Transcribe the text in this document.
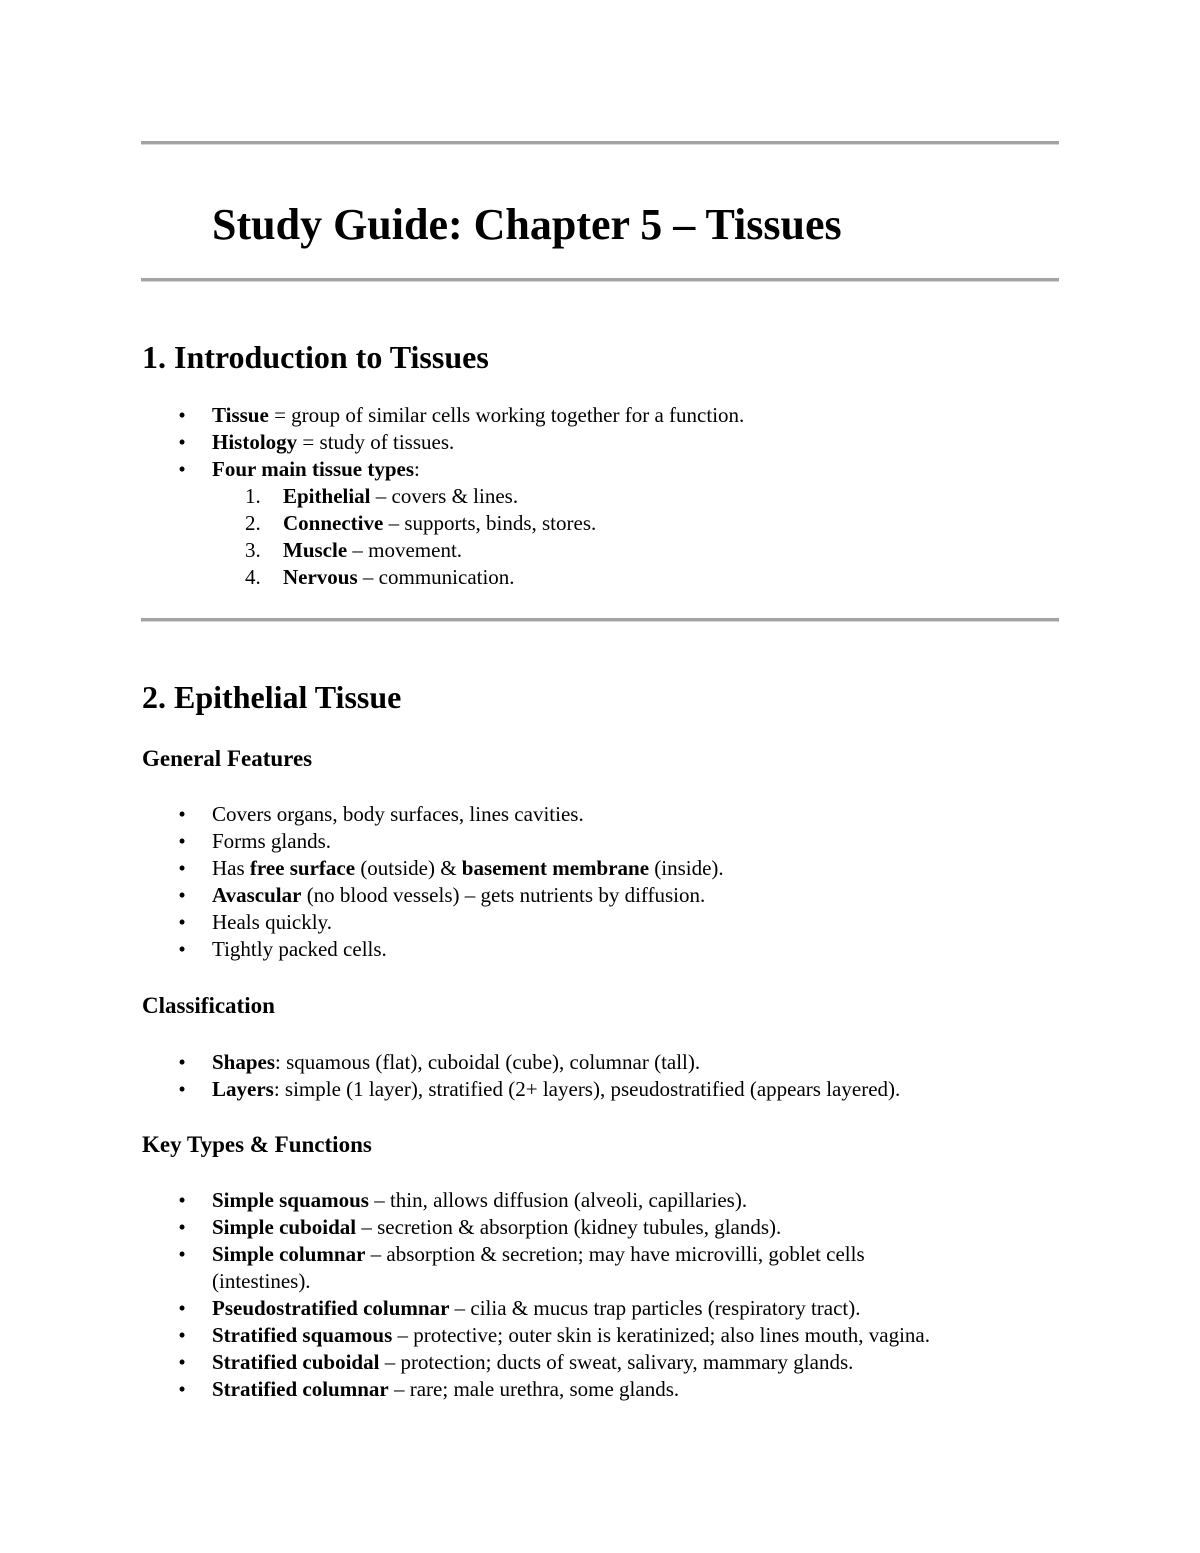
Study Guide: Chapter 5 – Tissues
1. Introduction to Tissues
•	Tissue = group of similar cells working together for a function.
•	Histology = study of tissues.
•	Four main tissue types:
1.	Epithelial – covers & lines.
2.	Connective – supports, binds, stores.
3.	Muscle – movement.
4.	Nervous – communication.
2. Epithelial Tissue
General Features
•	Covers organs, body surfaces, lines cavities.
•	Forms glands.
•	Has free surface (outside) & basement membrane (inside).
•	Avascular (no blood vessels) – gets nutrients by diffusion.
•	Heals quickly.
•	Tightly packed cells.
Classification
•	Shapes: squamous (flat), cuboidal (cube), columnar (tall).
•	Layers: simple (1 layer), stratified (2+ layers), pseudostratified (appears layered).
Key Types & Functions
•	Simple squamous – thin, allows diffusion (alveoli, capillaries).
•	Simple cuboidal – secretion & absorption (kidney tubules, glands).
•	Simple columnar – absorption & secretion; may have microvilli, goblet cells (intestines).
•	Pseudostratified columnar – cilia & mucus trap particles (respiratory tract).
•	Stratified squamous – protective; outer skin is keratinized; also lines mouth, vagina.
•	Stratified cuboidal – protection; ducts of sweat, salivary, mammary glands.
•	Stratified columnar – rare; male urethra, some glands.
